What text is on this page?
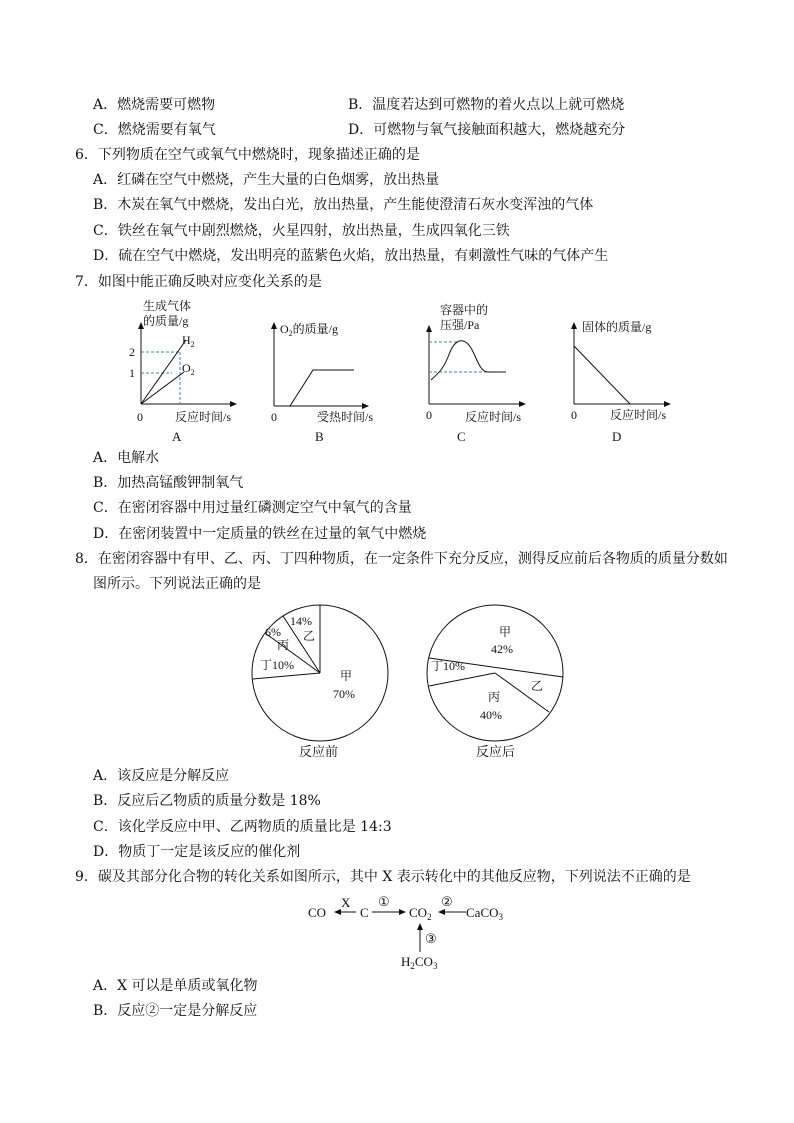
A．燃烧需要可燃物	B．温度若达到可燃物的着火点以上就可燃烧
C．燃烧需要有氧气	D．可燃物与氧气接触面积越大，燃烧越充分
6．下列物质在空气或氧气中燃烧时，现象描述正确的是
A．红磷在空气中燃烧，产生大量的白色烟雾，放出热量
B．木炭在氧气中燃烧，发出白光，放出热量，产生能使澄清石灰水变浑浊的气体
C．铁丝在氧气中剧烈燃烧，火星四射，放出热量，生成四氧化三铁
D．硫在空气中燃烧，发出明亮的蓝紫色火焰，放出热量，有刺激性气味的气体产生
7．如图中能正确反映对应变化关系的是
生成气体
的质量/g
2
1
$H_2$
$O_2$
0	反应时间/s
A
$O_2$的质量/g
0	受热时间/s
B
容器中的
压强/Pa
0	反应时间/s
C
固体的质量/g
0	反应时间/s
D
A．电解水
B．加热高锰酸钾制氧气
C．在密闭容器中用过量红磷测定空气中氧气的含量
D．在密闭装置中一定质量的铁丝在过量的氧气中燃烧
8．在密闭容器中有甲、乙、丙、丁四种物质，在一定条件下充分反应，测得反应前后各物质的质量分数如
图所示。下列说法正确的是
14%
乙
6%
丙
丁10%
甲
70%
反应前
甲
42%
丁10%
乙
丙
40%
反应后
A．该反应是分解反应
B．反应后乙物质的质量分数是 18%
C．该化学反应中甲、乙两物质的质量比是 14:3
D．物质丁一定是该反应的催化剂
9．碳及其部分化合物的转化关系如图所示，其中 X 表示转化中的其他反应物，下列说法不正确的是
CO
X
C
①
$CO_2$
②
CaCO$_3$
③
$H_2CO_3$
A．X 可以是单质或氧化物
B．反应②一定是分解反应
